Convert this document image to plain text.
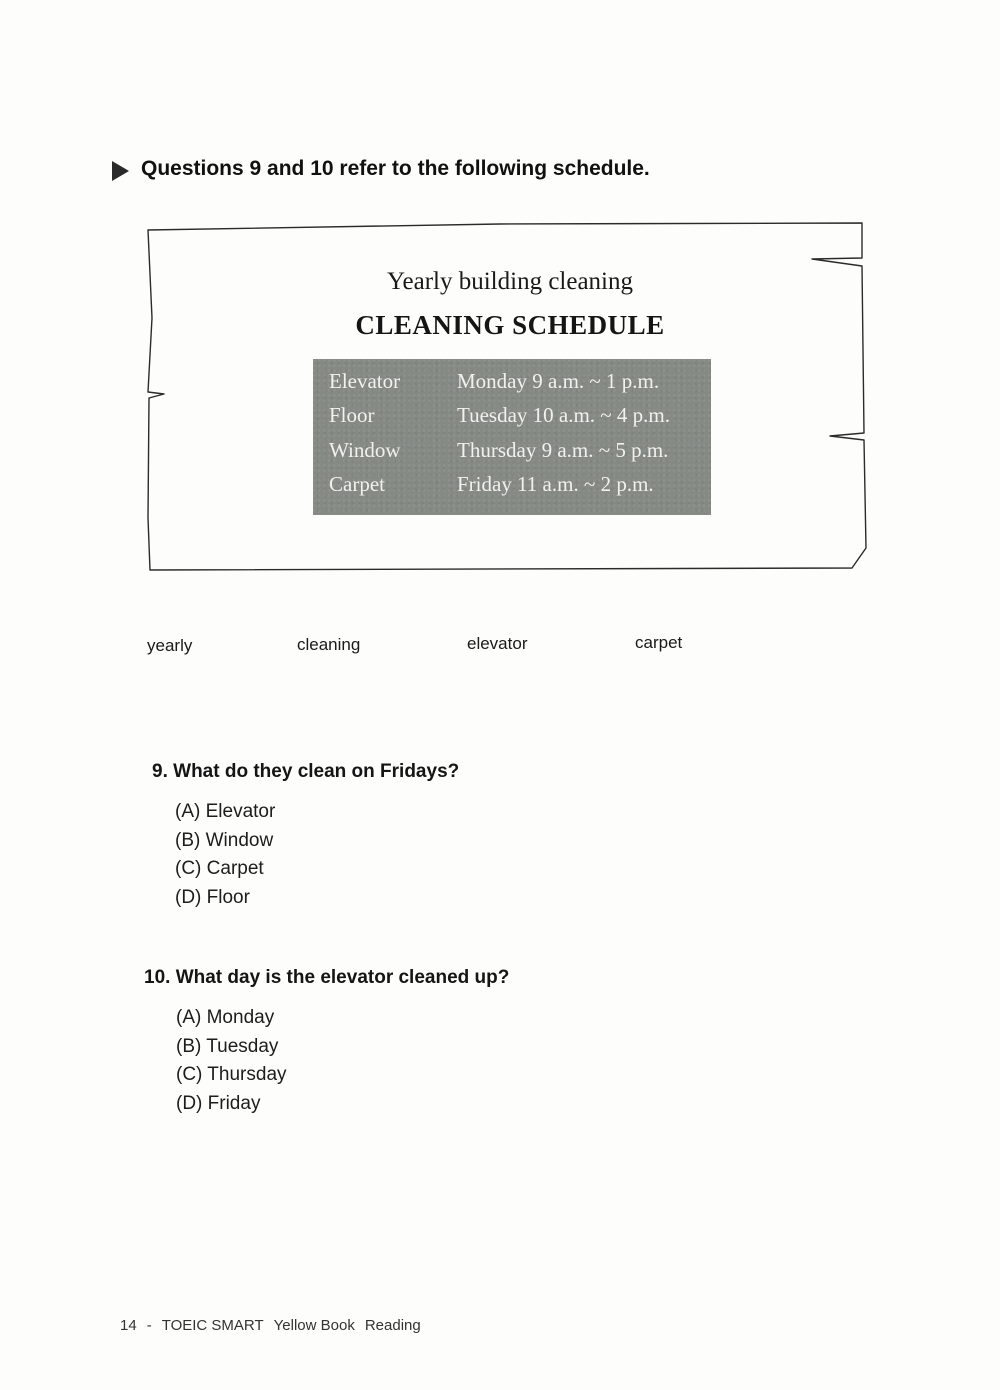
Questions 9 and 10 refer to the following schedule.
Yearly building cleaning
CLEANING SCHEDULE
Elevator	Monday 9 a.m. ~ 1 p.m.
Floor	Tuesday 10 a.m. ~ 4 p.m.
Window	Thursday 9 a.m. ~ 5 p.m.
Carpet	Friday 11 a.m. ~ 2 p.m.
yearly	cleaning	elevator	carpet
9. What do they clean on Fridays?
(A) Elevator
(B) Window
(C) Carpet
(D) Floor
10. What day is the elevator cleaned up?
(A) Monday
(B) Tuesday
(C) Thursday
(D) Friday
14 - TOEIC SMART Yellow Book Reading
